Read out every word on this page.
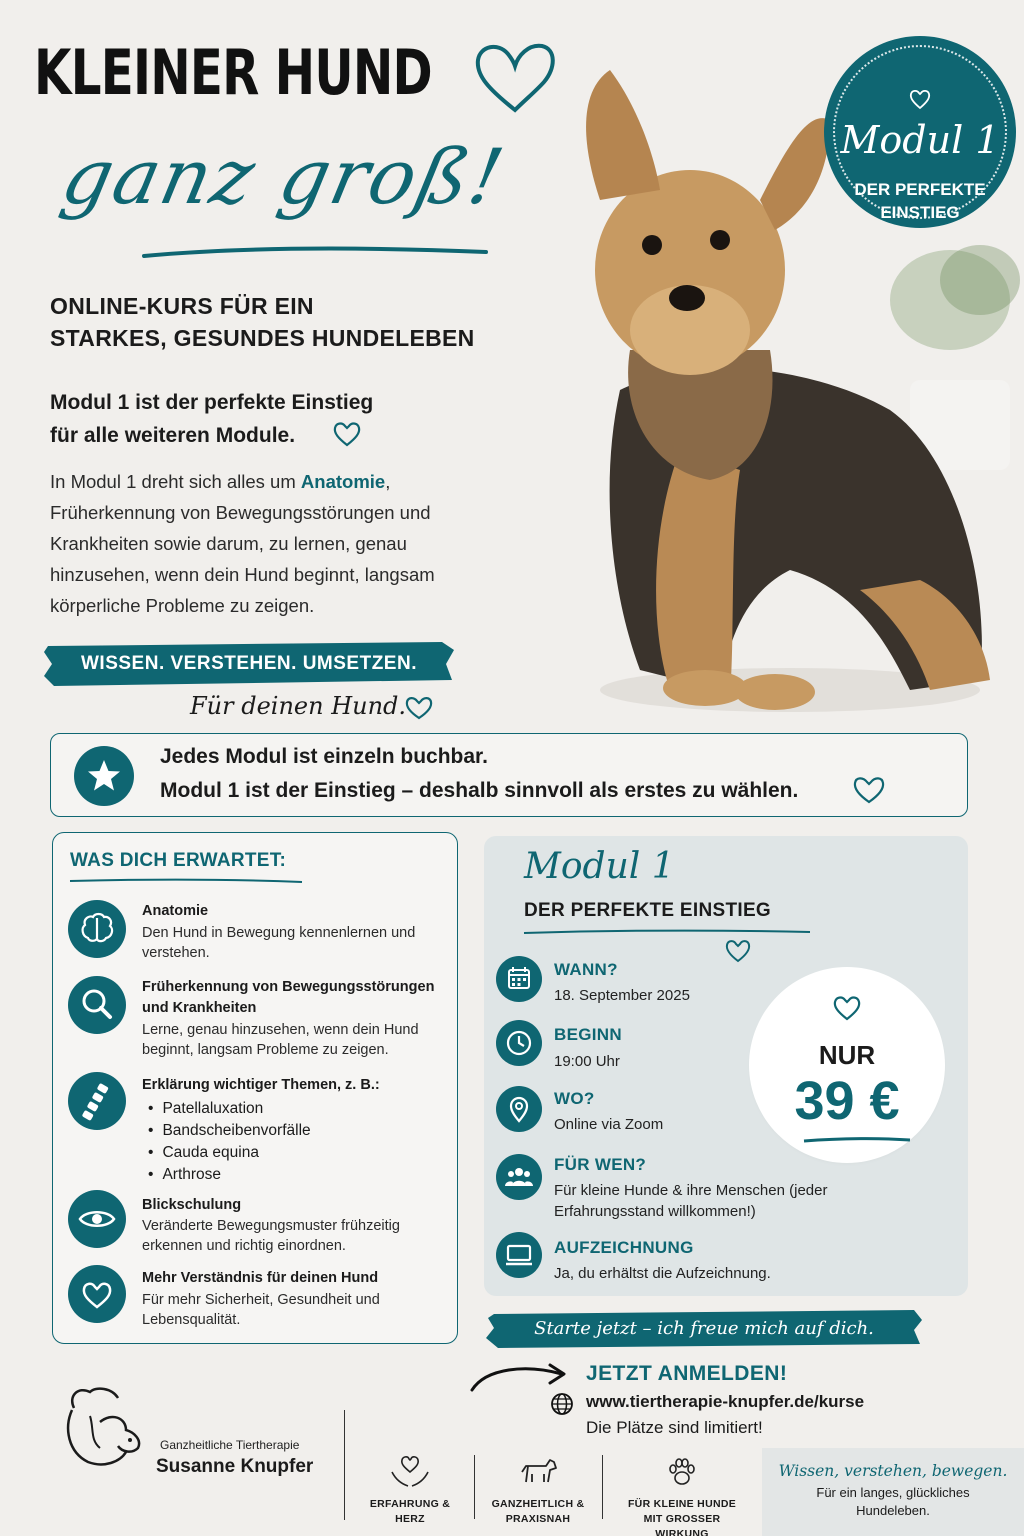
KLEINER HUND
ganz groß!
ONLINE-KURS FÜR EIN
STARKES, GESUNDES HUNDELEBEN
Modul 1 ist der perfekte Einstieg
für alle weiteren Module.
In Modul 1 dreht sich alles um Anatomie, Früherkennung von Bewegungsstörungen und Krankheiten sowie darum, zu lernen, genau hinzusehen, wenn dein Hund beginnt, langsam körperliche Probleme zu zeigen.
Modul 1
DER PERFEKTE
EINSTIEG
WISSEN. VERSTEHEN. UMSETZEN.
Für deinen Hund.
Jedes Modul ist einzeln buchbar.
Modul 1 ist der Einstieg – deshalb sinnvoll als erstes zu wählen.
WAS DICH ERWARTET:
Anatomie
Den Hund in Bewegung kennenlernen und verstehen.
Früherkennung von Bewegungsstörungen und Krankheiten
Lerne, genau hinzusehen, wenn dein Hund beginnt, langsam Probleme zu zeigen.
Erklärung wichtiger Themen, z. B.:
• Patellaluxation
• Bandscheibenvorfälle
• Cauda equina
• Arthrose
Blickschulung
Veränderte Bewegungsmuster frühzeitig erkennen und richtig einordnen.
Mehr Verständnis für deinen Hund
Für mehr Sicherheit, Gesundheit und Lebensqualität.
Modul 1
DER PERFEKTE EINSTIEG
WANN?
18. September 2025
BEGINN
19:00 Uhr
WO?
Online via Zoom
FÜR WEN?
Für kleine Hunde & ihre Menschen (jeder Erfahrungsstand willkommen!)
AUFZEICHNUNG
Ja, du erhältst die Aufzeichnung.
NUR
39 €
Starte jetzt – ich freue mich auf dich.
JETZT ANMELDEN!
www.tiertherapie-knupfer.de/kurse
Die Plätze sind limitiert!
Ganzheitliche Tiertherapie
Susanne Knupfer
ERFAHRUNG &
HERZ
GANZHEITLICH &
PRAXISNAH
FÜR KLEINE HUNDE
MIT GROSSER WIRKUNG
Wissen, verstehen, bewegen.
Für ein langes, glückliches
Hundeleben.
